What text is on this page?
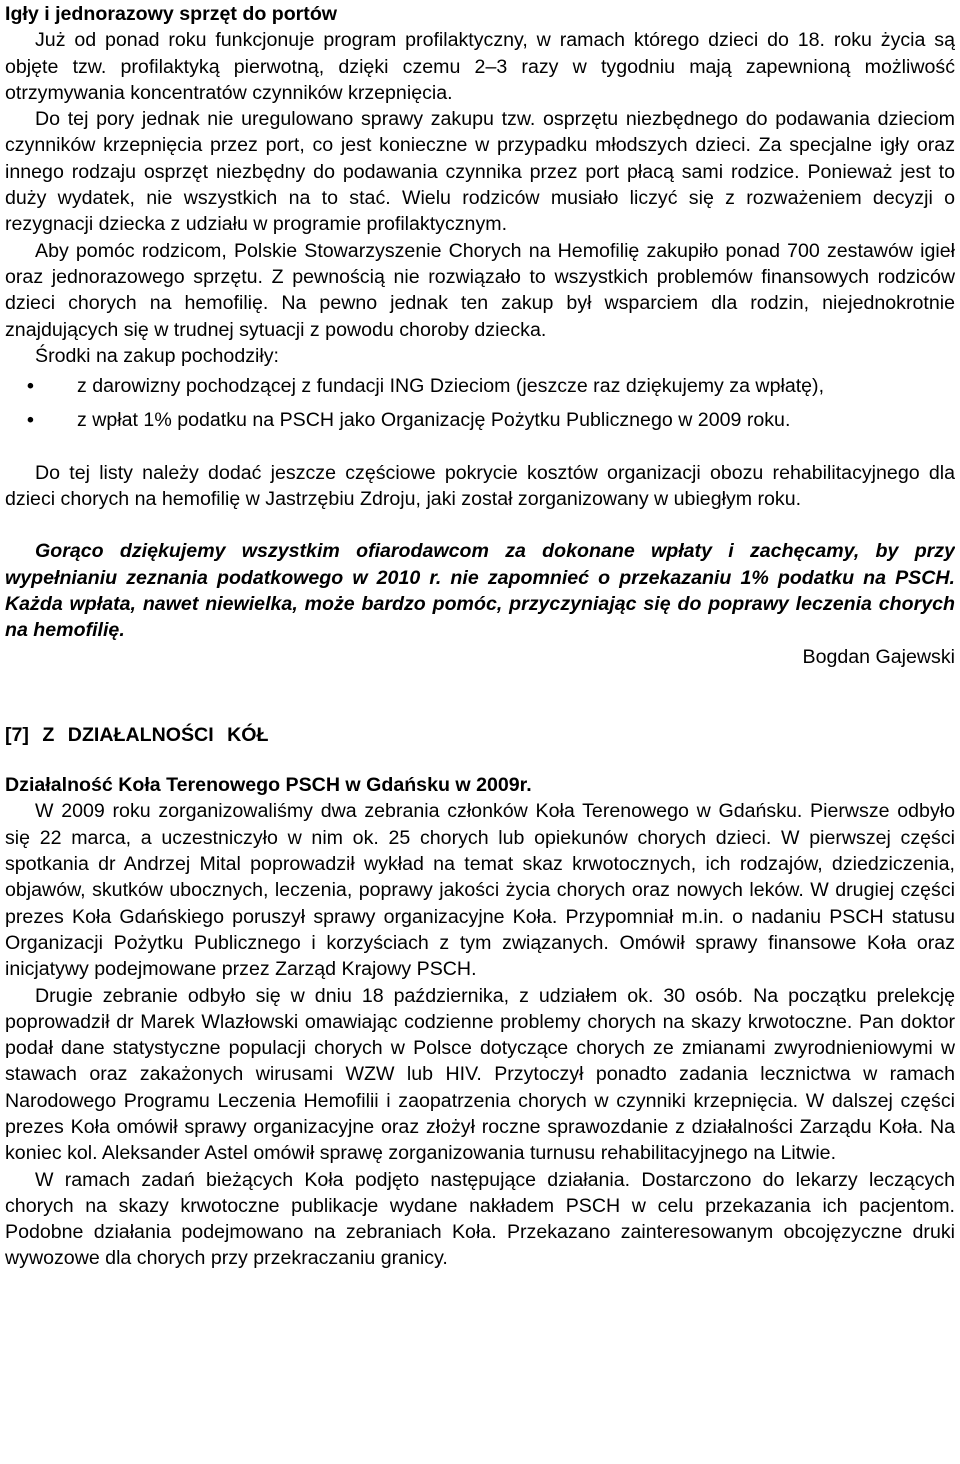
Igły i jednorazowy sprzęt do portów

Już od ponad roku funkcjonuje program profilaktyczny, w ramach którego dzieci do 18. roku życia są objęte tzw. profilaktyką pierwotną, dzięki czemu 2–3 razy w tygodniu mają zapewnioną możliwość otrzymywania koncentratów czynników krzepnięcia.

Do tej pory jednak nie uregulowano sprawy zakupu tzw. osprzętu niezbędnego do podawania dzieciom czynników krzepnięcia przez port, co jest konieczne w przypadku młodszych dzieci. Za specjalne igły oraz innego rodzaju osprzęt niezbędny do podawania czynnika przez port płacą sami rodzice. Ponieważ jest to duży wydatek, nie wszystkich na to stać. Wielu rodziców musiało liczyć się z rozważeniem decyzji o rezygnacji dziecka z udziału w programie profilaktycznym.

Aby pomóc rodzicom, Polskie Stowarzyszenie Chorych na Hemofilię zakupiło ponad 700 zestawów igieł oraz jednorazowego sprzętu. Z pewnością nie rozwiązało to wszystkich problemów finansowych rodziców dzieci chorych na hemofilię. Na pewno jednak ten zakup był wsparciem dla rodzin, niejednokrotnie znajdujących się w trudnej sytuacji z powodu choroby dziecka.

Środki na zakup pochodziły:

• z darowizny pochodzącej z fundacji ING Dzieciom (jeszcze raz dziękujemy za wpłatę),
• z wpłat 1% podatku na PSCH jako Organizację Pożytku Publicznego w 2009 roku.

Do tej listy należy dodać jeszcze częściowe pokrycie kosztów organizacji obozu rehabilitacyjnego dla dzieci chorych na hemofilię w Jastrzębiu Zdroju, jaki został zorganizowany w ubiegłym roku.

Gorąco dziękujemy wszystkim ofiarodawcom za dokonane wpłaty i zachęcamy, by przy wypełnianiu zeznania podatkowego w 2010 r. nie zapomnieć o przekazaniu 1% podatku na PSCH. Każda wpłata, nawet niewielka, może bardzo pomóc, przyczyniając się do poprawy leczenia chorych na hemofilię.

Bogdan Gajewski
[7] Z DZIAŁALNOŚCI KÓŁ
Działalność Koła Terenowego PSCH w Gdańsku w 2009r.

W 2009 roku zorganizowaliśmy dwa zebrania członków Koła Terenowego w Gdańsku. Pierwsze odbyło się 22 marca, a uczestniczyło w nim ok. 25 chorych lub opiekunów chorych dzieci. W pierwszej części spotkania dr Andrzej Mital poprowadził wykład na temat skaz krwotocznych, ich rodzajów, dziedziczenia, objawów, skutków ubocznych, leczenia, poprawy jakości życia chorych oraz nowych leków. W drugiej części prezes Koła Gdańskiego poruszył sprawy organizacyjne Koła. Przypomniał m.in. o nadaniu PSCH statusu Organizacji Pożytku Publicznego i korzyściach z tym związanych. Omówił sprawy finansowe Koła oraz inicjatywy podejmowane przez Zarząd Krajowy PSCH.

Drugie zebranie odbyło się w dniu 18 października, z udziałem ok. 30 osób. Na początku prelekcję poprowadził dr Marek Wlazłowski omawiając codzienne problemy chorych na skazy krwotoczne. Pan doktor podał dane statystyczne populacji chorych w Polsce dotyczące chorych ze zmianami zwyrodnieniowymi w stawach oraz zakażonych wirusami WZW lub HIV. Przytoczył ponadto zadania lecznictwa w ramach Narodowego Programu Leczenia Hemofilii i zaopatrzenia chorych w czynniki krzepnięcia. W dalszej części prezes Koła omówił sprawy organizacyjne oraz złożył roczne sprawozdanie z działalności Zarządu Koła. Na koniec kol. Aleksander Astel omówił sprawę zorganizowania turnusu rehabilitacyjnego na Litwie.

W ramach zadań bieżących Koła podjęto następujące działania. Dostarczono do lekarzy leczących chorych na skazy krwotoczne publikacje wydane nakładem PSCH w celu przekazania ich pacjentom. Podobne działania podejmowano na zebraniach Koła. Przekazano zainteresowanym obcojęzyczne druki wywozowe dla chorych przy przekraczaniu granicy.
